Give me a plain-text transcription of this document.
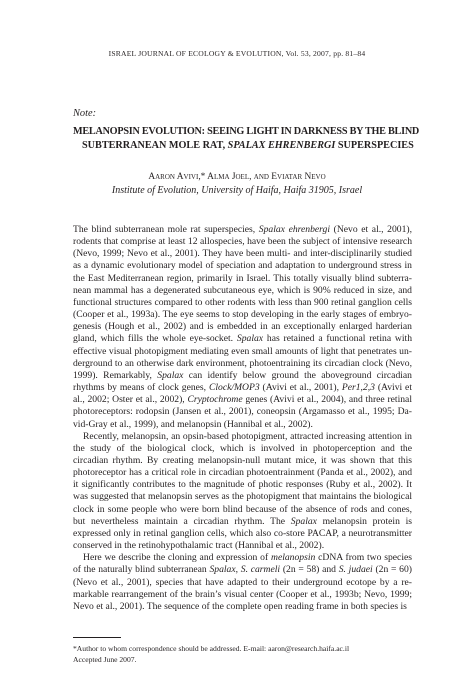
ISRAEL JOURNAL OF ECOLOGY & EVOLUTION, Vol. 53, 2007, pp. 81–84
Note:
MELANOPSIN EVOLUTION: SEEING LIGHT IN DARKNESS BY THE BLIND
SUBTERRANEAN MOLE RAT, SPALAX EHRENBERGI SUPERSPECIES
Aaron Avivi,* Alma Joel, and Eviatar Nevo
Institute of Evolution, University of Haifa, Haifa 31905, Israel

The blind subterranean mole rat superspecies, Spalax ehrenbergi (Nevo et al., 2001), rodents that comprise at least 12 allospecies, have been the subject of intensive research (Nevo, 1999; Nevo et al., 2001). They have been multi- and inter-disciplinarily studied as a dynamic evolutionary model of speciation and adaptation to underground stress in the East Mediterranean region, primarily in Israel. This totally visually blind subterranean mammal has a degenerated subcutaneous eye, which is 90% reduced in size, and functional structures compared to other rodents with less than 900 retinal ganglion cells (Cooper et al., 1993a). The eye seems to stop developing in the early stages of embryogenesis (Hough et al., 2002) and is embedded in an exceptionally enlarged harderian gland, which fills the whole eye-socket. Spalax has retained a functional retina with effective visual photopigment mediating even small amounts of light that penetrates underground to an otherwise dark environment, photoentraining its circadian clock (Nevo, 1999). Remarkably, Spalax can identify below ground the aboveground circadian rhythms by means of clock genes, Clock/MOP3 (Avivi et al., 2001), Per1,2,3 (Avivi et al., 2002; Oster et al., 2002), Cryptochrome genes (Avivi et al., 2004), and three retinal photoreceptors: rodopsin (Jansen et al., 2001), coneopsin (Argamasso et al., 1995; David-Gray et al., 1999), and melanopsin (Hannibal et al., 2002).

Recently, melanopsin, an opsin-based photopigment, attracted increasing attention in the study of the biological clock, which is involved in photoperception and the circadian rhythm. By creating melanopsin-null mutant mice, it was shown that this photoreceptor has a critical role in circadian photoentrainment (Panda et al., 2002), and it significantly contributes to the magnitude of photic responses (Ruby et al., 2002). It was suggested that melanopsin serves as the photopigment that maintains the biological clock in some people who were born blind because of the absence of rods and cones, but nevertheless maintain a circadian rhythm. The Spalax melanopsin protein is expressed only in retinal ganglion cells, which also co-store PACAP, a neurotransmitter conserved in the retinohypothalamic tract (Hannibal et al., 2002).

Here we describe the cloning and expression of melanopsin cDNA from two species of the naturally blind subterranean Spalax, S. carmeli (2n = 58) and S. judaei (2n = 60) (Nevo et al., 2001), species that have adapted to their underground ecotope by a remarkable rearrangement of the brain’s visual center (Cooper et al., 1993b; Nevo, 1999; Nevo et al., 2001). The sequence of the complete open reading frame in both species is

*Author to whom correspondence should be addressed. E-mail: aaron@research.haifa.ac.il
Accepted June 2007.
